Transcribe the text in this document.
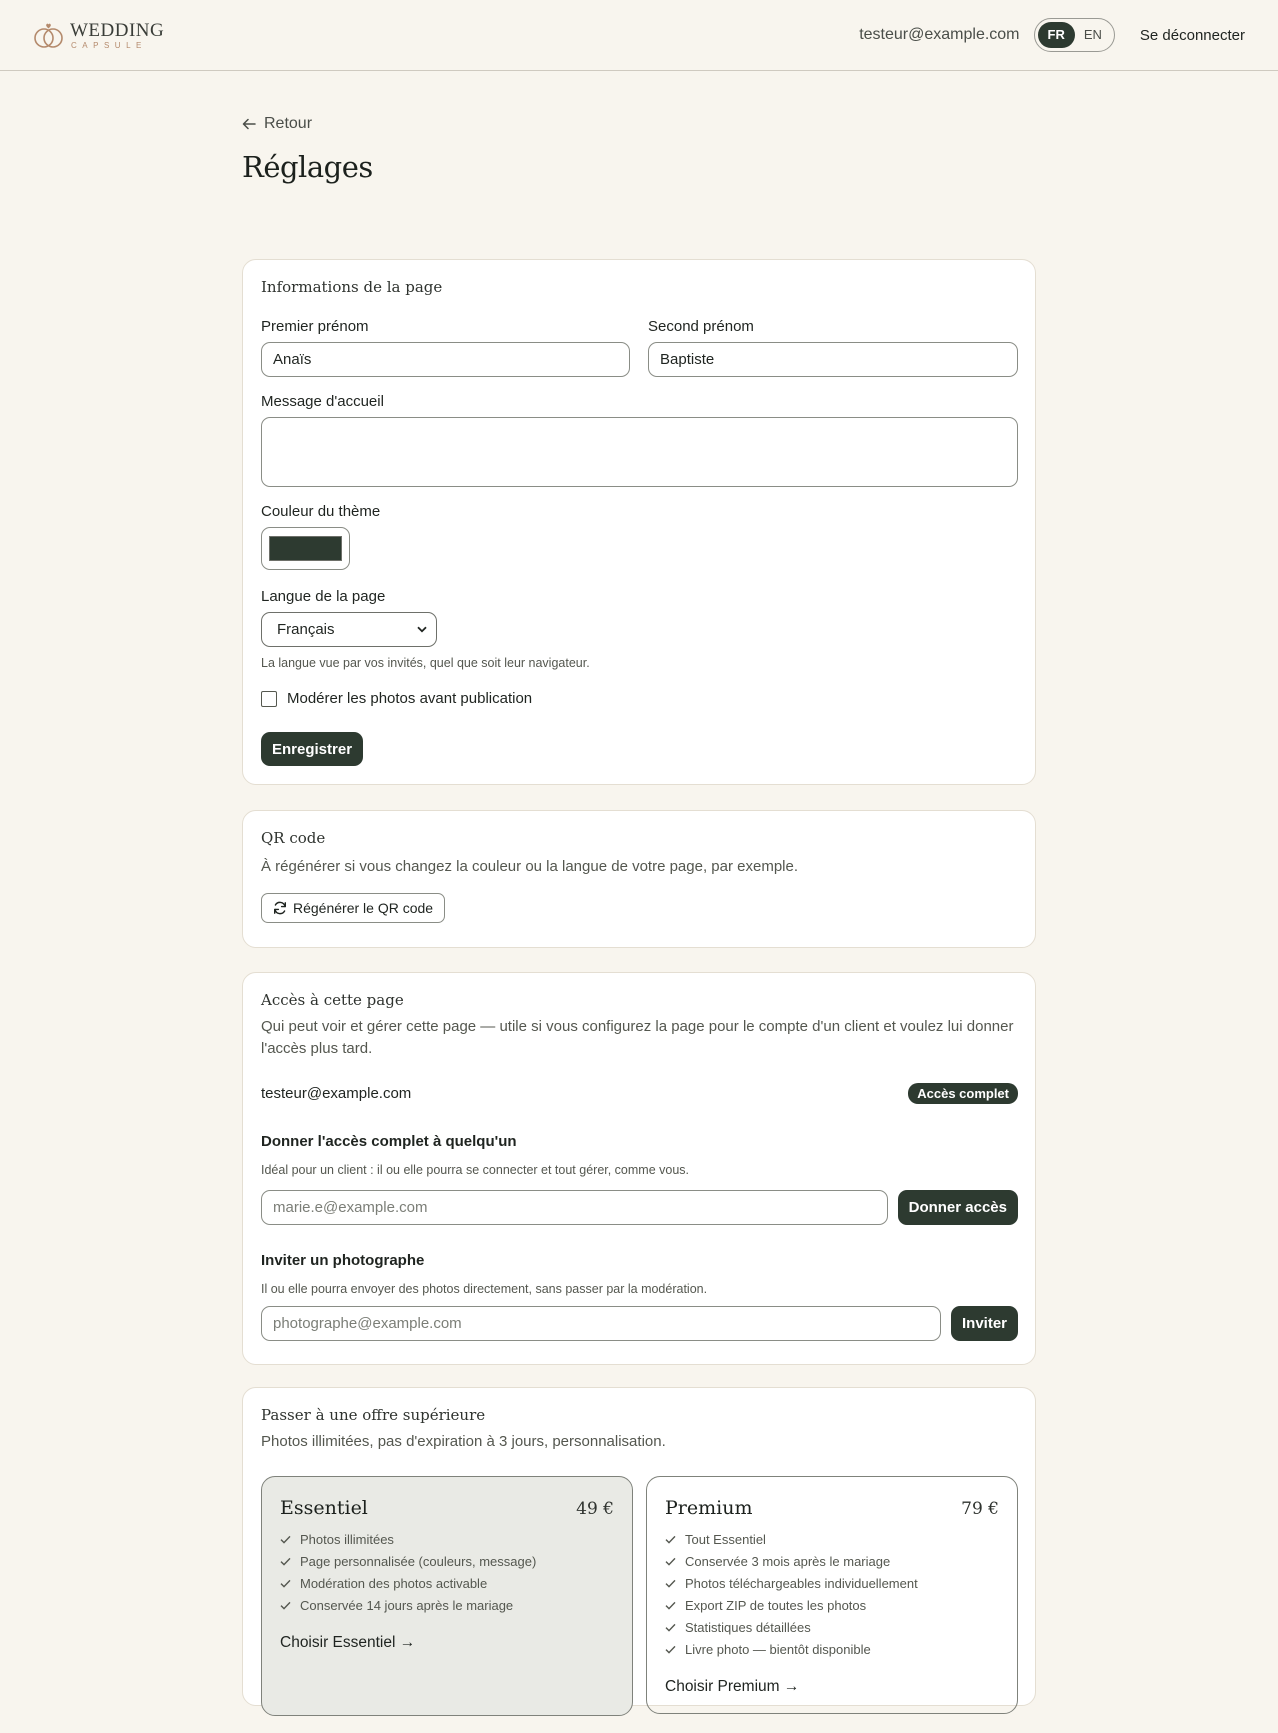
WEDDING
CAPSULE
testeur@example.com	FR	EN	Se déconnecter
Retour
Réglages
Informations de la page
Premier prénom
Anaïs
Second prénom
Baptiste
Message d'accueil
Couleur du thème
Langue de la page
Français
La langue vue par vos invités, quel que soit leur navigateur.
Modérer les photos avant publication
Enregistrer
QR code
À régénérer si vous changez la couleur ou la langue de votre page, par exemple.
Régénérer le QR code
Accès à cette page
Qui peut voir et gérer cette page — utile si vous configurez la page pour le compte d'un client et voulez lui donner l'accès plus tard.
testeur@example.com	Accès complet
Donner l'accès complet à quelqu'un
Idéal pour un client : il ou elle pourra se connecter et tout gérer, comme vous.
marie.e@example.com	Donner accès
Inviter un photographe
Il ou elle pourra envoyer des photos directement, sans passer par la modération.
photographe@example.com	Inviter
Passer à une offre supérieure
Photos illimitées, pas d'expiration à 3 jours, personnalisation.
Essentiel	49 €
Photos illimitées
Page personnalisée (couleurs, message)
Modération des photos activable
Conservée 14 jours après le mariage
Choisir Essentiel →
Premium	79 €
Tout Essentiel
Conservée 3 mois après le mariage
Photos téléchargeables individuellement
Export ZIP de toutes les photos
Statistiques détaillées
Livre photo — bientôt disponible
Choisir Premium →
